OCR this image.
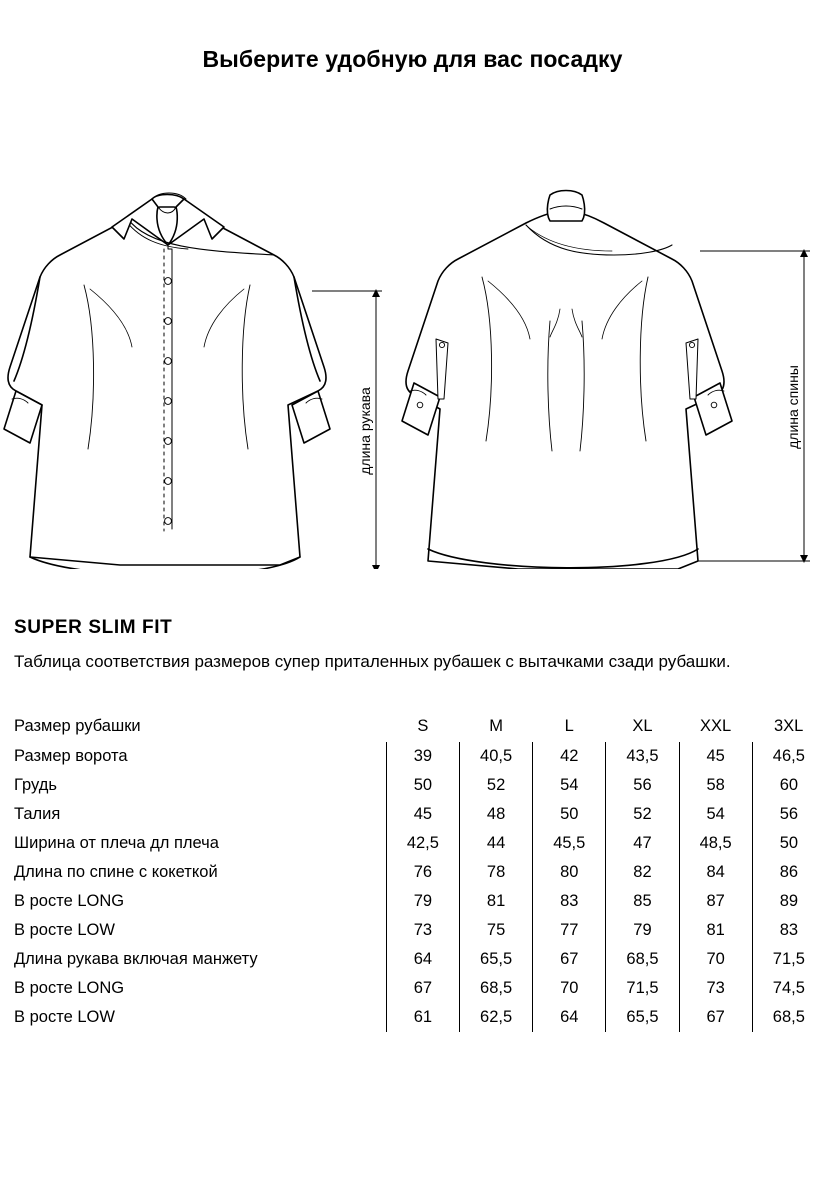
Выберите удобную для вас посадку
длина рукава	длина спины
SUPER SLIM FIT
Таблица соответствия размеров супер приталенных рубашек с вытачками сзади рубашки.
Размер рубашки	S	M	L	XL	XXL	3XL
Размер ворота	39	40,5	42	43,5	45	46,5
Грудь	50	52	54	56	58	60
Талия	45	48	50	52	54	56
Ширина от плеча дл плеча	42,5	44	45,5	47	48,5	50
Длина по спине с кокеткой	76	78	80	82	84	86
В росте LONG	79	81	83	85	87	89
В росте LOW	73	75	77	79	81	83
Длина рукава включая манжету	64	65,5	67	68,5	70	71,5
В росте LONG	67	68,5	70	71,5	73	74,5
В росте LOW	61	62,5	64	65,5	67	68,5
